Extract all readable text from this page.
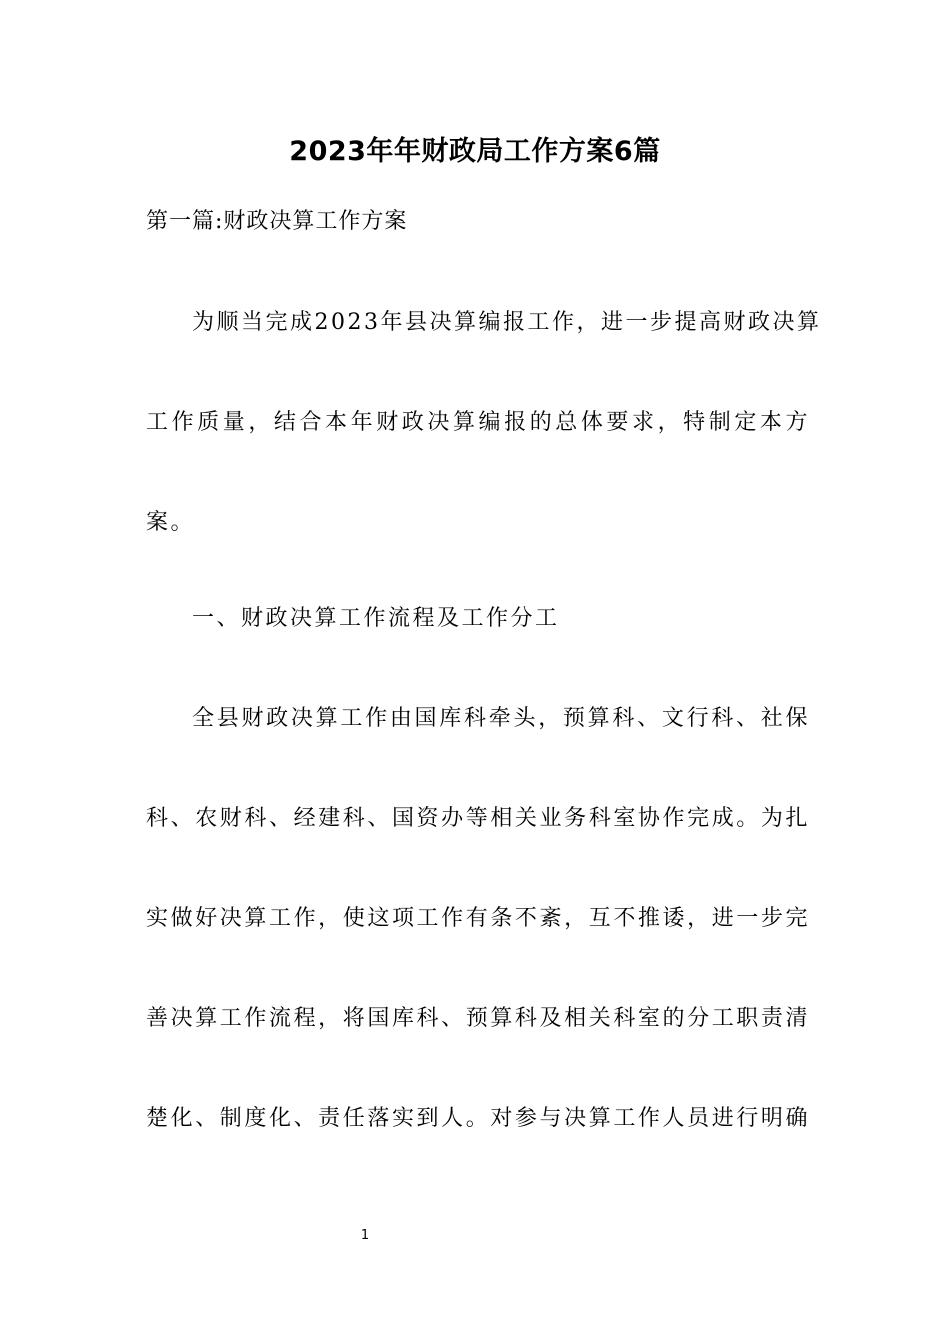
2023年年财政局工作方案6篇
第一篇:财政决算工作方案
为顺当完成2023年县决算编报工作，进一步提高财政决算
工作质量，结合本年财政决算编报的总体要求，特制定本方
案。
一、财政决算工作流程及工作分工
全县财政决算工作由国库科牵头，预算科、文行科、社保
科、农财科、经建科、国资办等相关业务科室协作完成。为扎
实做好决算工作，使这项工作有条不紊，互不推诿，进一步完
善决算工作流程，将国库科、预算科及相关科室的分工职责清
楚化、制度化、责任落实到人。对参与决算工作人员进行明确
1
